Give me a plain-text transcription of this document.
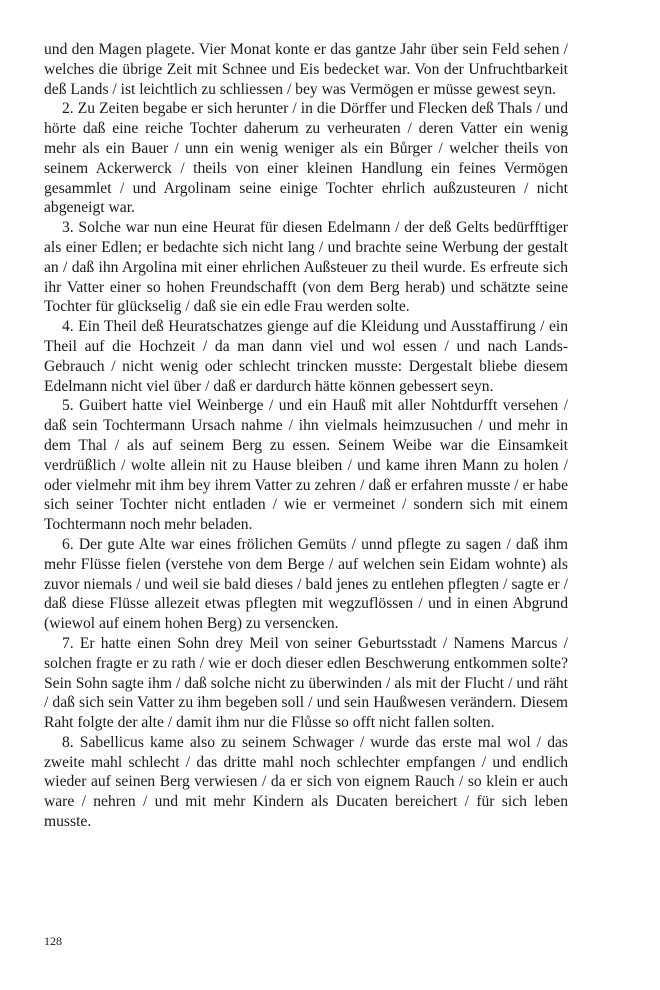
und den Magen plagete. Vier Monat konte er das gantze Jahr über sein Feld sehen / welches die übrige Zeit mit Schnee und Eis bedecket war. Von der Unfruchtbarkeit deß Lands / ist leichtlich zu schliessen / bey was Vermögen er müsse gewest seyn.

2. Zu Zeiten begabe er sich herunter / in die Dörffer und Flecken deß Thals / und hörte daß eine reiche Tochter daherum zu verheuraten / deren Vatter ein wenig mehr als ein Bauer / unn ein wenig weniger als ein Bůrger / welcher theils von seinem Ackerwerck / theils von einer kleinen Handlung ein feines Vermögen gesammlet / und Argolinam seine einige Tochter ehrlich außzusteuren / nicht abgeneigt war.

3. Solche war nun eine Heurat für diesen Edelmann / der deß Gelts bedürfftiger als einer Edlen; er bedachte sich nicht lang / und brachte seine Werbung der gestalt an / daß ihn Argolina mit einer ehrlichen Außsteuer zu theil wurde. Es erfreute sich ihr Vatter einer so hohen Freundschafft (von dem Berg herab) und schätzte seine Tochter für glückselig / daß sie ein edle Frau werden solte.

4. Ein Theil deß Heuratschatzes gienge auf die Kleidung und Ausstaffirung / ein Theil auf die Hochzeit / da man dann viel und wol essen / und nach Lands-Gebrauch / nicht wenig oder schlecht trincken musste: Dergestalt bliebe diesem Edelmann nicht viel über / daß er dardurch hätte können gebessert seyn.

5. Guibert hatte viel Weinberge / und ein Hauß mit aller Nohtdurfft versehen / daß sein Tochtermann Ursach nahme / ihn vielmals heimzusuchen / und mehr in dem Thal / als auf seinem Berg zu essen. Seinem Weibe war die Einsamkeit verdrüßlich / wolte allein nit zu Hause bleiben / und kame ihren Mann zu holen / oder vielmehr mit ihm bey ihrem Vatter zu zehren / daß er erfahren musste / er habe sich seiner Tochter nicht entladen / wie er vermeinet / sondern sich mit einem Tochtermann noch mehr beladen.

6. Der gute Alte war eines frölichen Gemüts / unnd pflegte zu sagen / daß ihm mehr Flüsse fielen (verstehe von dem Berge / auf welchen sein Eidam wohnte) als zuvor niemals / und weil sie bald dieses / bald jenes zu entlehen pflegten / sagte er / daß diese Flüsse allezeit etwas pflegten mit wegzuflössen / und in einen Abgrund (wiewol auf einem hohen Berg) zu versencken.

7. Er hatte einen Sohn drey Meil von seiner Geburtsstadt / Namens Marcus / solchen fragte er zu rath / wie er doch dieser edlen Beschwerung entkommen solte? Sein Sohn sagte ihm / daß solche nicht zu überwinden / als mit der Flucht / und räht / daß sich sein Vatter zu ihm begeben soll / und sein Haußwesen verändern. Diesem Raht folgte der alte / damit ihm nur die Flůsse so offt nicht fallen solten.

8. Sabellicus kame also zu seinem Schwager / wurde das erste mal wol / das zweite mahl schlecht / das dritte mahl noch schlechter empfangen / und endlich wieder auf seinen Berg verwiesen / da er sich von eignem Rauch / so klein er auch ware / nehren / und mit mehr Kindern als Ducaten bereichert / für sich leben musste.

128
